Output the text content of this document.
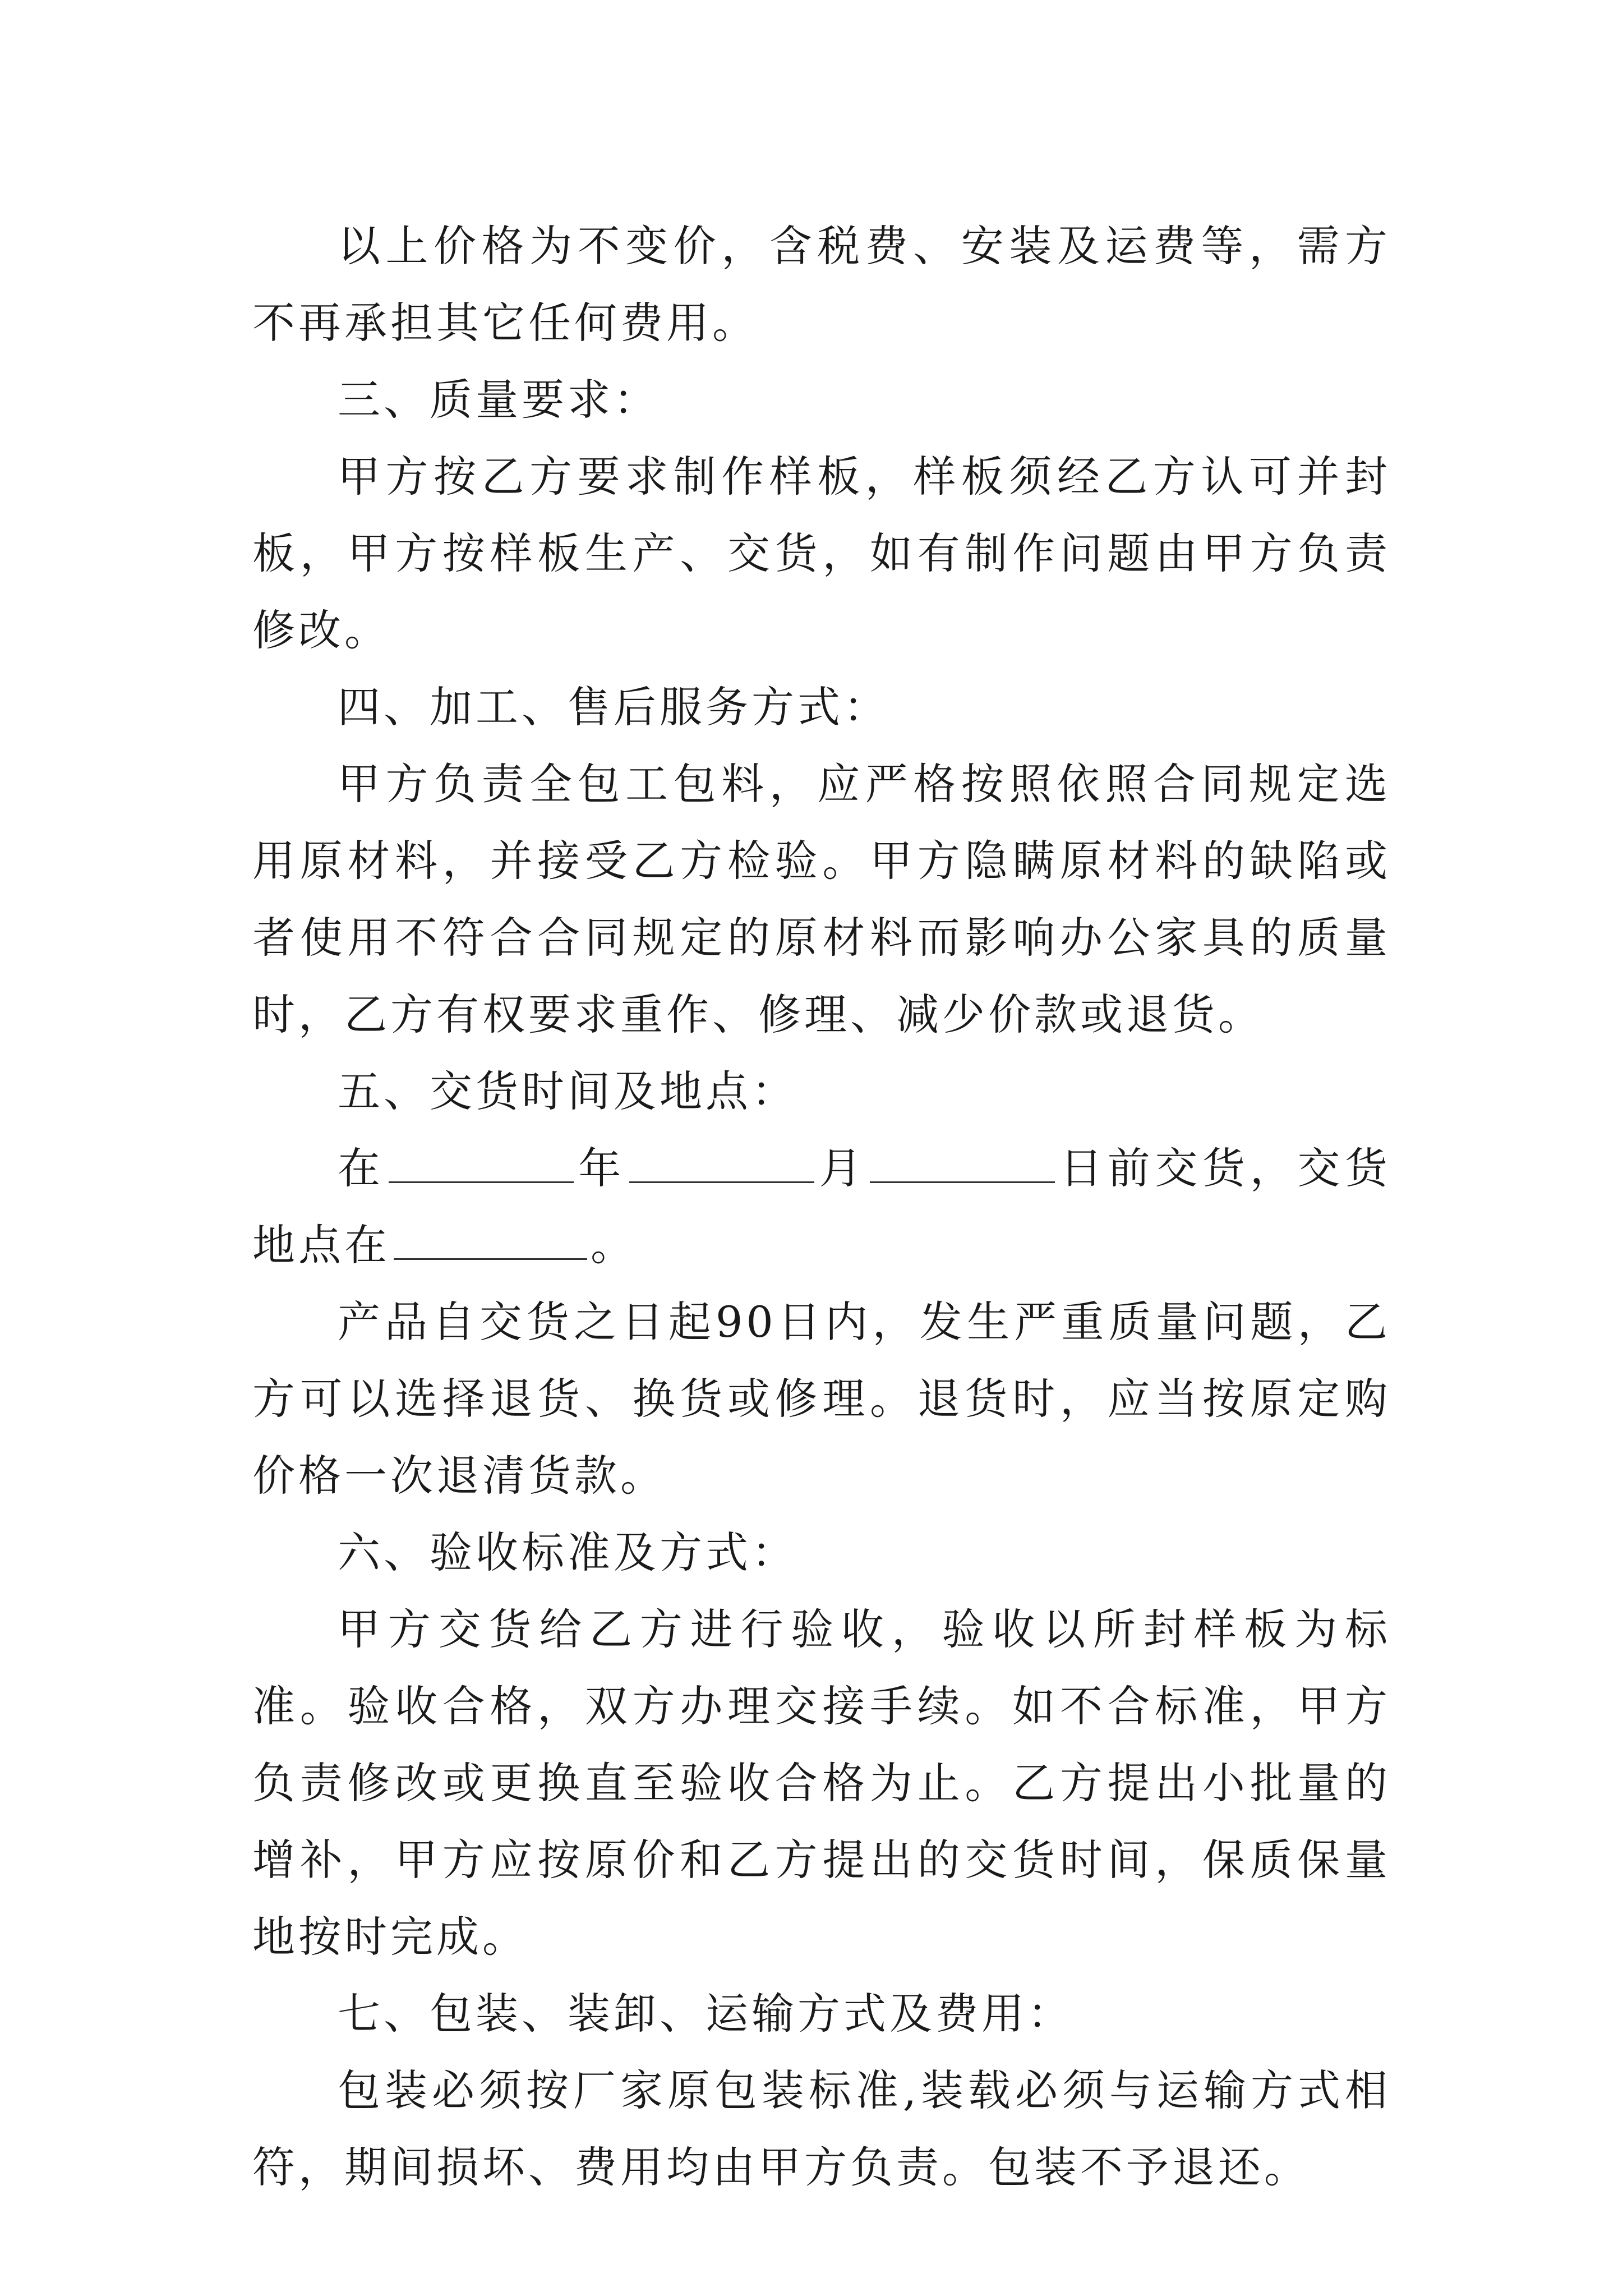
以上价格为不变价，含税费、安装及运费等，需方不再承担其它任何费用。

三、质量要求：

甲方按乙方要求制作样板，样板须经乙方认可并封板，甲方按样板生产、交货，如有制作问题由甲方负责修改。

四、加工、售后服务方式：

甲方负责全包工包料，应严格按照依照合同规定选用原材料，并接受乙方检验。甲方隐瞒原材料的缺陷或者使用不符合合同规定的原材料而影响办公家具的质量时，乙方有权要求重作、修理、减少价款或退货。

五、交货时间及地点：

在	年	月	日前交货，交货地点在	。

产品自交货之日起90日内，发生严重质量问题，乙方可以选择退货、换货或修理。退货时，应当按原定购价格一次退清货款。

六、验收标准及方式：

甲方交货给乙方进行验收，验收以所封样板为标准。验收合格，双方办理交接手续。如不合标准，甲方负责修改或更换直至验收合格为止。乙方提出小批量的增补，甲方应按原价和乙方提出的交货时间，保质保量地按时完成。

七、包装、装卸、运输方式及费用：

包装必须按厂家原包装标准,装载必须与运输方式相符，期间损坏、费用均由甲方负责。包装不予退还。
